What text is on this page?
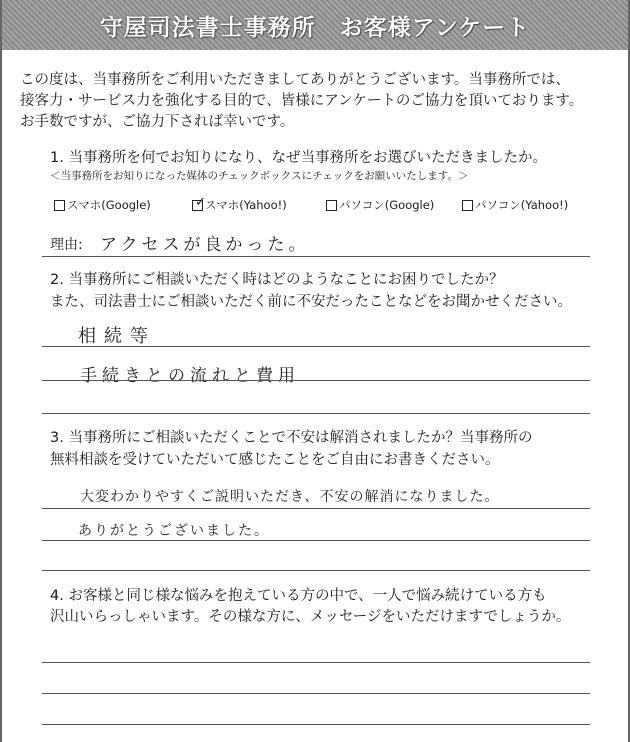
守屋司法書士事務所　お客様アンケート
この度は、当事務所をご利用いただきましてありがとうございます。当事務所では、
接客力・サービス力を強化する目的で、皆様にアンケートのご協力を頂いております。
お手数ですが、ご協力下されば幸いです。
1. 当事務所を何でお知りになり、なぜ当事務所をお選びいただきましたか。
＜当事務所をお知りになった媒体のチェックボックスにチェックをお願いいたします。＞
スマホ(Google)	✓ スマホ(Yahoo!)	パソコン(Google)	パソコン(Yahoo!)
理由: アクセスが良かった。
2. 当事務所にご相談いただく時はどのようなことにお困りでしたか？
また、司法書士にご相談いただく前に不安だったことなどをお聞かせください。
相続等
手続きとの流れと費用
3. 当事務所にご相談いただくことで不安は解消されましたか？当事務所の
無料相談を受けていただいて感じたことをご自由にお書きください。
大変わかりやすくご説明いただき、不安の解消になりました。
ありがとうございました。
4. お客様と同じ様な悩みを抱えている方の中で、一人で悩み続けている方も
沢山いらっしゃいます。その様な方に、メッセージをいただけますでしょうか。
